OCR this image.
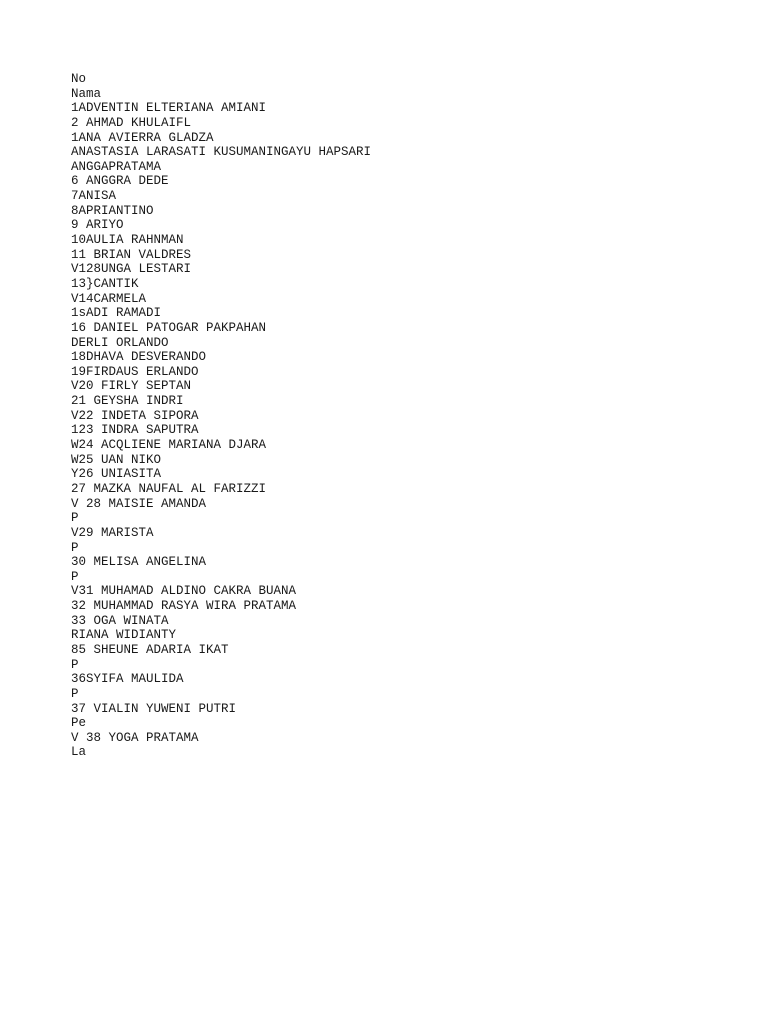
No
Nama
1ADVENTIN ELTERIANA AMIANI
2 AHMAD KHULAIFL
1ANA AVIERRA GLADZA
ANASTASIA LARASATI KUSUMANINGAYU HAPSARI
ANGGAPRATAMA
6 ANGGRA DEDE
7ANISA
8APRIANTINO
9 ARIYO
10AULIA RAHNMAN
11 BRIAN VALDRES
V128UNGA LESTARI
13}CANTIK
V14CARMELA
1sADI RAMADI
16 DANIEL PATOGAR PAKPAHAN
DERLI ORLANDO
18DHAVA DESVERANDO
19FIRDAUS ERLANDO
V20 FIRLY SEPTAN
21 GEYSHA INDRI
V22 INDETA SIPORA
123 INDRA SAPUTRA
W24 ACQLIENE MARIANA DJARA
W25 UAN NIKO
Y26 UNIASITA
27 MAZKA NAUFAL AL FARIZZI
V 28 MAISIE AMANDA
P
V29 MARISTA
P
30 MELISA ANGELINA
P
V31 MUHAMAD ALDINO CAKRA BUANA
32 MUHAMMAD RASYA WIRA PRATAMA
33 OGA WINATA
RIANA WIDIANTY
85 SHEUNE ADARIA IKAT
P
36SYIFA MAULIDA
P
37 VIALIN YUWENI PUTRI
Pe
V 38 YOGA PRATAMA
La
